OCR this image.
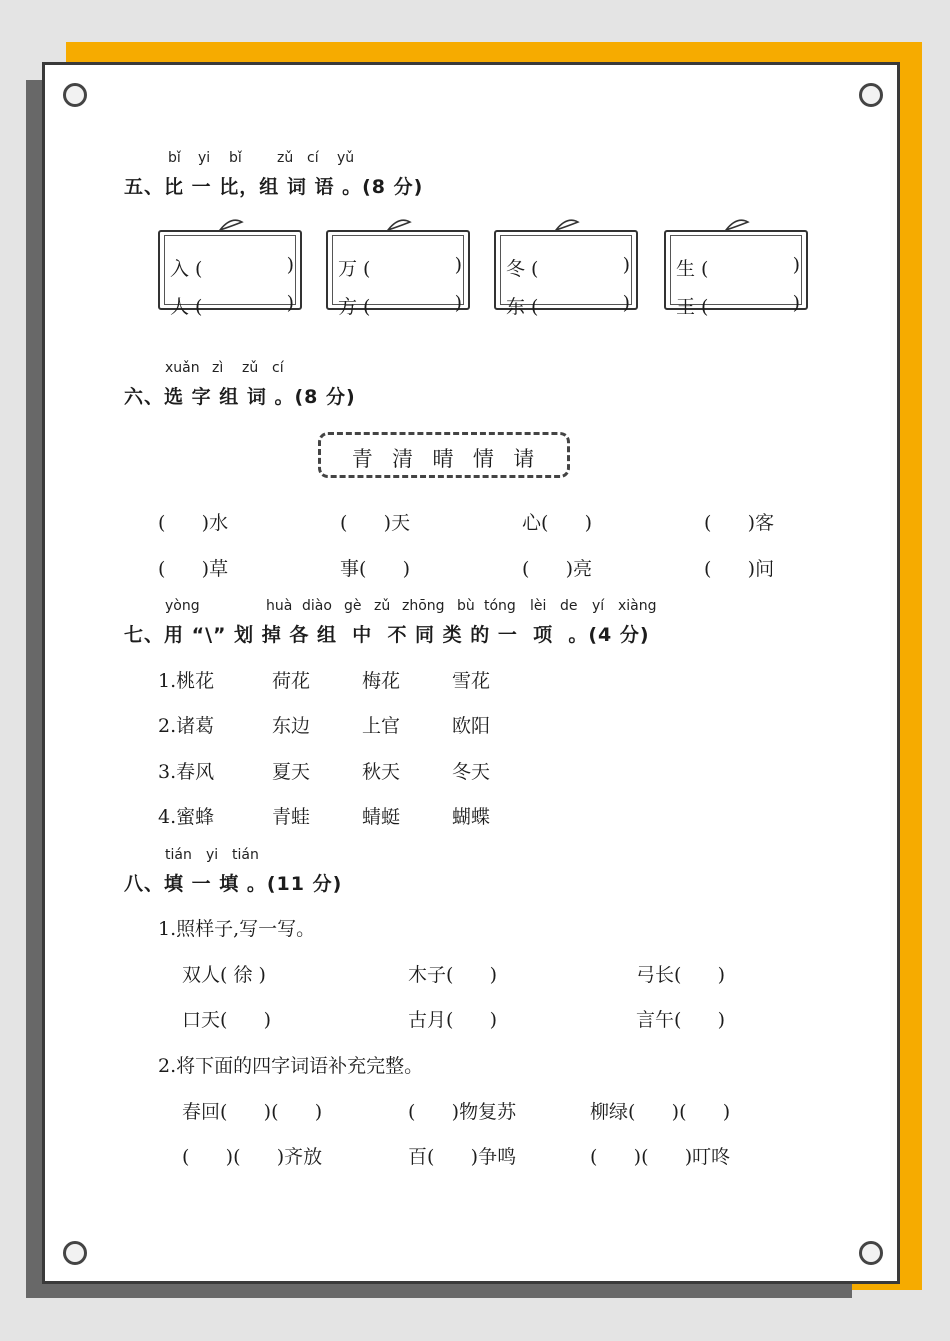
bǐ yi bǐ	zǔ cí yǔ
五、比 一 比，组 词 语 。(8 分)
入 (	)
人 (	)
万 (	)
方 (	)
冬 (	)
东 (	)
生 (	)
王 (	)
xuǎn zì zǔ cí
六、选 字 组 词 。(8 分)
青  清  晴  情  请
(      )水	(      )天	心(      )	(      )客
(      )草	事(      )	(      )亮	(      )问
yòng	huà diào gè zǔ zhōng bù tóng lèi de yí xiàng
七、用 “\” 划 掉 各 组  中  不 同 类 的 一  项  。(4 分)
1.桃花	荷花	梅花	雪花
2.诸葛	东边	上官	欧阳
3.春风	夏天	秋天	冬天
4.蜜蜂	青蛙	蜻蜓	蝴蝶
tián yi tián
八、填 一 填 。(11 分)
1.照样子,写一写。
双人( 徐 )	木子(      )	弓长(      )
口天(      )	古月(      )	言午(      )
2.将下面的四字词语补充完整。
春回(      )(      )	(      )物复苏	柳绿(      )(      )
(      )(      )齐放	百(      )争鸣	(      )(      )叮咚
